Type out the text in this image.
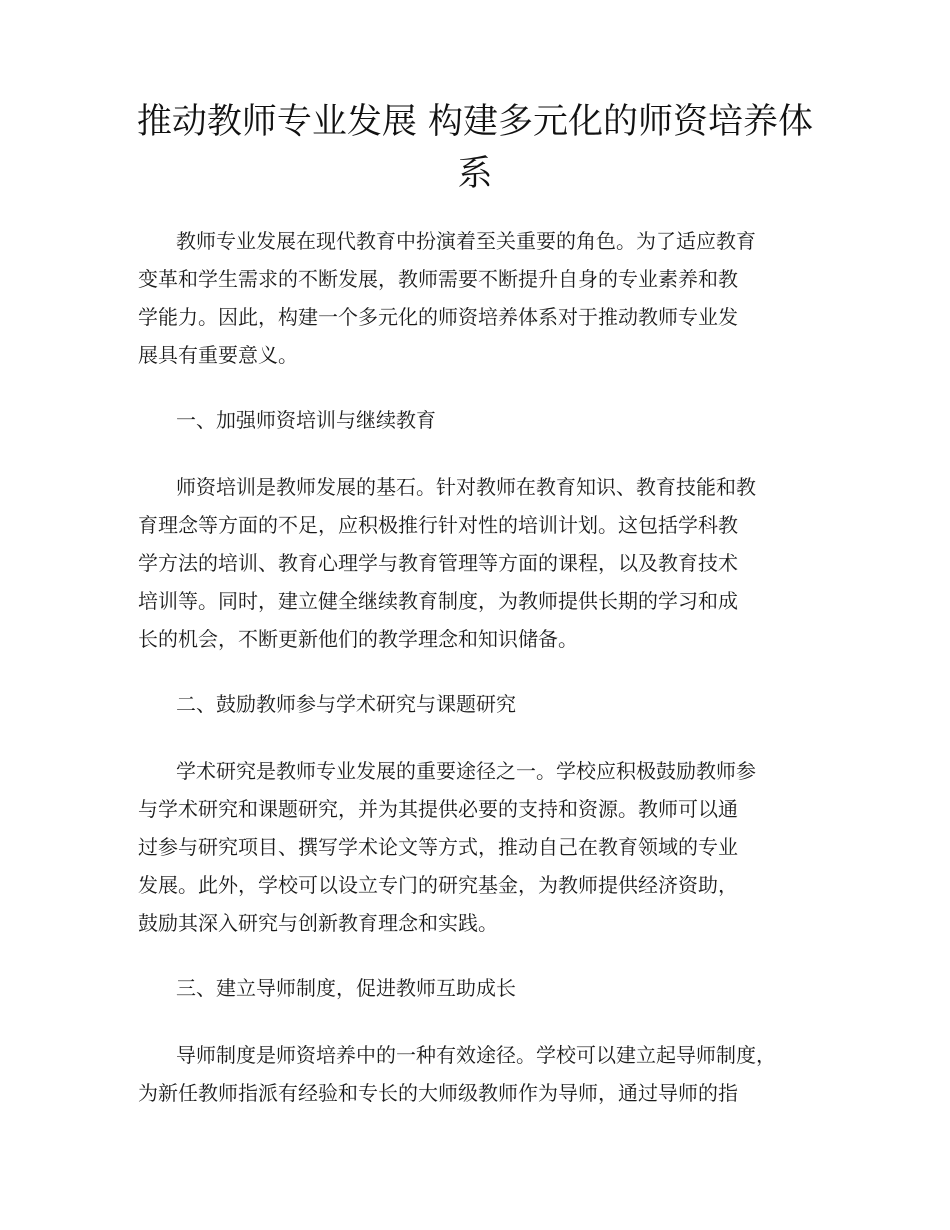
推动教师专业发展 构建多元化的师资培养体
系

教师专业发展在现代教育中扮演着至关重要的角色。为了适应教育
变革和学生需求的不断发展，教师需要不断提升自身的专业素养和教
学能力。因此，构建一个多元化的师资培养体系对于推动教师专业发
展具有重要意义。

一、加强师资培训与继续教育

师资培训是教师发展的基石。针对教师在教育知识、教育技能和教
育理念等方面的不足，应积极推行针对性的培训计划。这包括学科教
学方法的培训、教育心理学与教育管理等方面的课程，以及教育技术
培训等。同时，建立健全继续教育制度，为教师提供长期的学习和成
长的机会，不断更新他们的教学理念和知识储备。

二、鼓励教师参与学术研究与课题研究

学术研究是教师专业发展的重要途径之一。学校应积极鼓励教师参
与学术研究和课题研究，并为其提供必要的支持和资源。教师可以通
过参与研究项目、撰写学术论文等方式，推动自己在教育领域的专业
发展。此外，学校可以设立专门的研究基金，为教师提供经济资助，
鼓励其深入研究与创新教育理念和实践。

三、建立导师制度，促进教师互助成长

导师制度是师资培养中的一种有效途径。学校可以建立起导师制度，
为新任教师指派有经验和专长的大师级教师作为导师，通过导师的指
